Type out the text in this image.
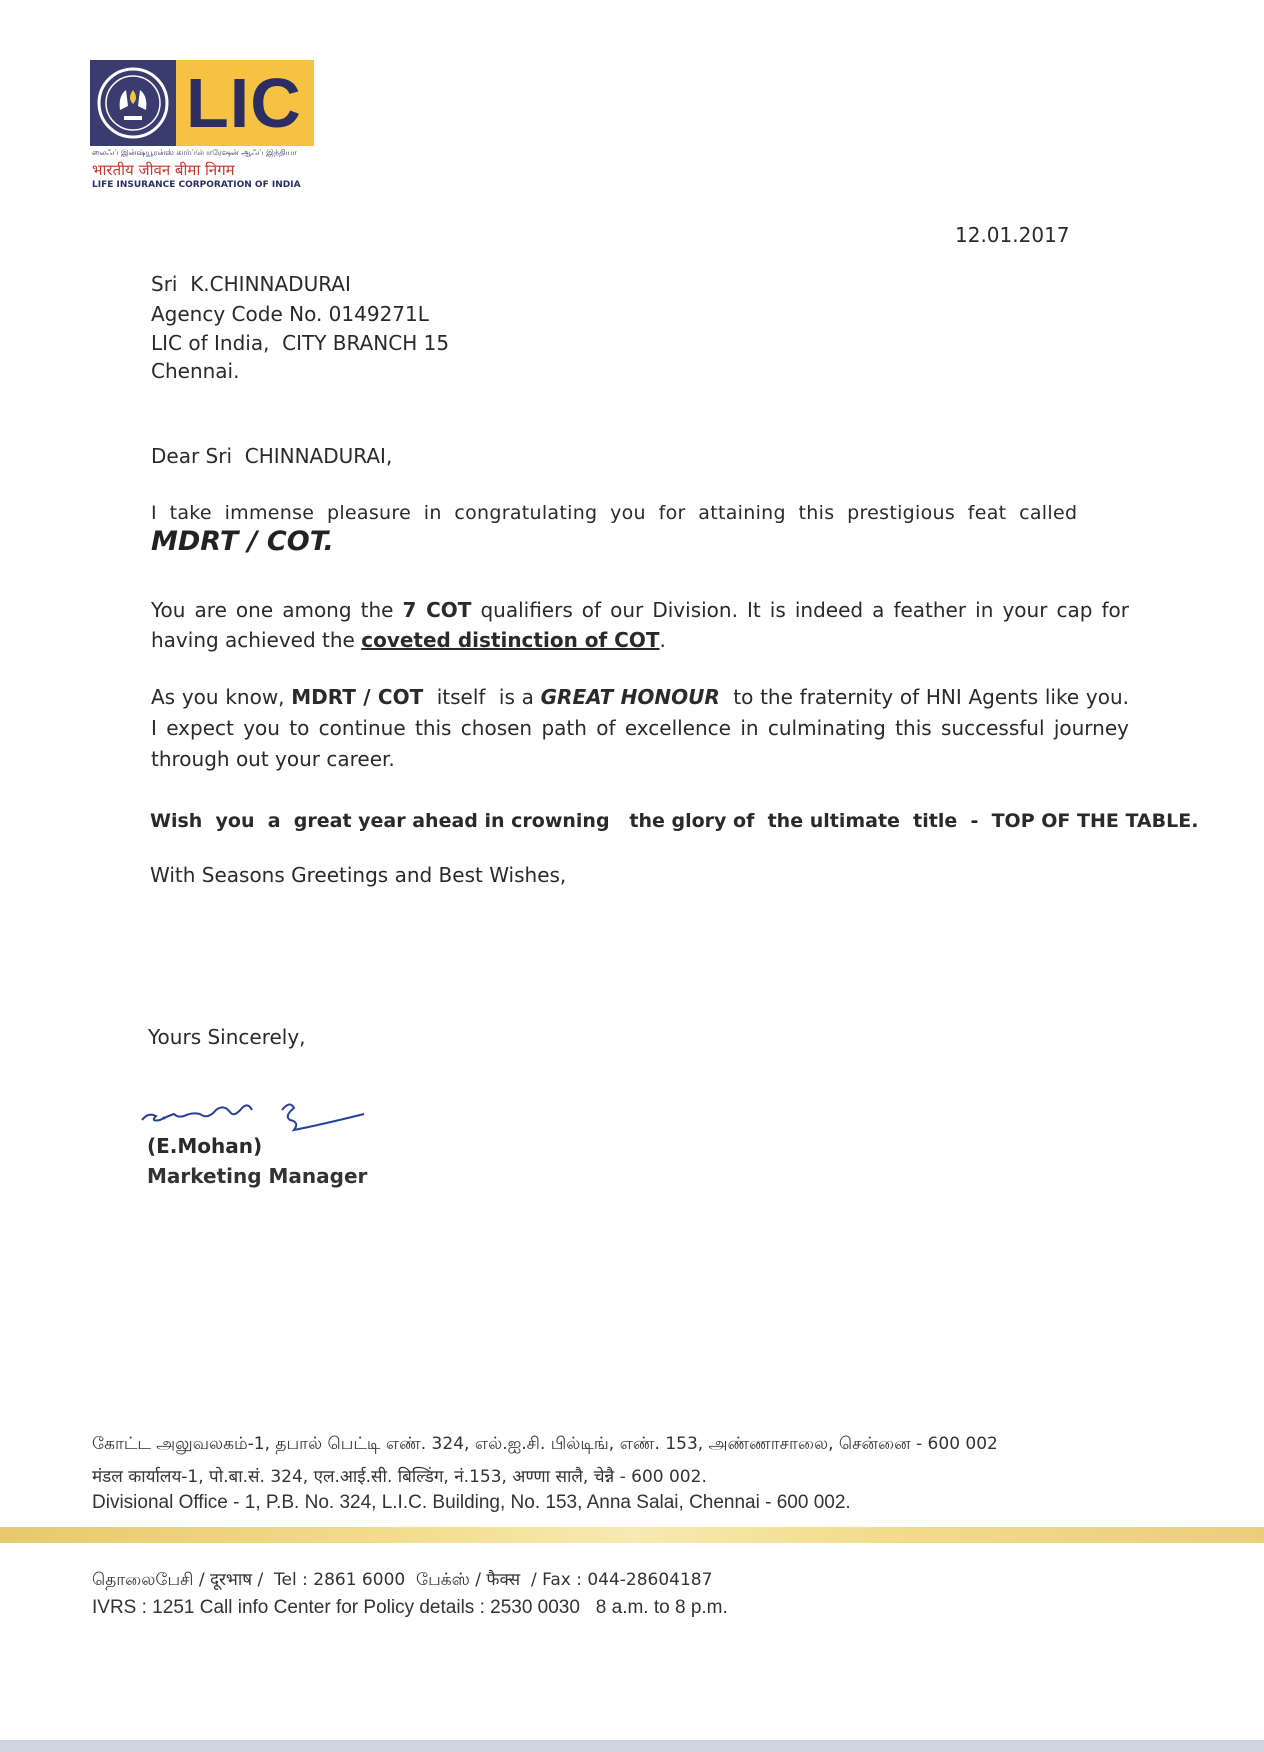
LIC
லைஃப் இன்ஷ்யூரன்ஸ் கார்ப்பொரேஷன் ஆஃப் இந்தியா
भारतीय जीवन बीमा निगम
LIFE INSURANCE CORPORATION OF INDIA
12.01.2017
Sri  K.CHINNADURAI
Agency Code No. 0149271L
LIC of India,  CITY BRANCH 15
Chennai.
Dear Sri  CHINNADURAI,
I  take  immense  pleasure  in  congratulating  you  for  attaining  this  prestigious  feat  called
MDRT / COT.
You are one among the 7 COT qualifiers of our Division. It is indeed a feather in your cap for having achieved the coveted distinction of COT.
As you know, MDRT / COT  itself  is a GREAT HONOUR  to the fraternity of HNI Agents like you.  I expect you to continue this chosen path of excellence in culminating this successful journey through out your career.
Wish  you  a  great year ahead in crowning   the glory of  the ultimate  title  -  TOP OF THE TABLE.
With Seasons Greetings and Best Wishes,
Yours Sincerely,
(E.Mohan)
Marketing Manager
கோட்ட அலுவலகம்-1, தபால் பெட்டி எண். 324, எல்.ஐ.சி. பில்டிங், எண். 153, அண்ணாசாலை, சென்னை - 600 002
मंडल कार्यालय-1, पो.बा.सं. 324, एल.आई.सी. बिल्डिंग, नं.153, अण्णा सालै, चेन्नै - 600 002.
Divisional Office - 1, P.B. No. 324, L.I.C. Building, No. 153, Anna Salai, Chennai - 600 002.
தொலைபேசி / दूरभाष /  Tel : 2861 6000  பேக்ஸ் / फैक्स  / Fax : 044-28604187
IVRS : 1251 Call info Center for Policy details : 2530 0030   8 a.m. to 8 p.m.
